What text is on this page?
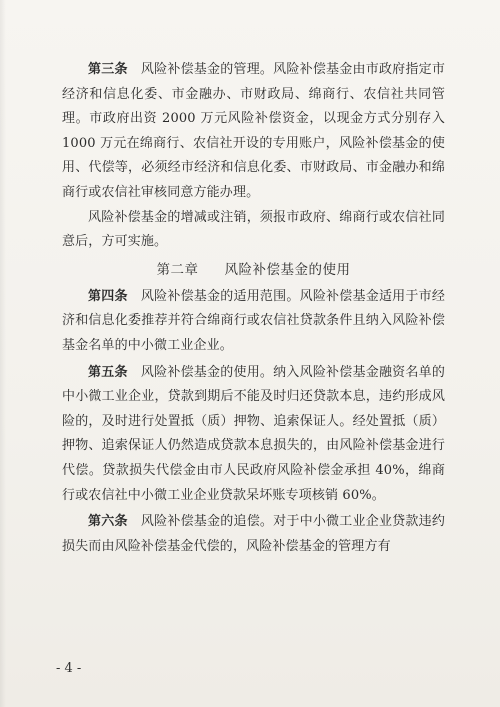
第三条　风险补偿基金的管理。风险补偿基金由市政府指定市经济和信息化委、市金融办、市财政局、绵商行、农信社共同管理。市政府出资 2000 万元风险补偿资金，以现金方式分别存入 1000 万元在绵商行、农信社开设的专用账户，风险补偿基金的使用、代偿等，必须经市经济和信息化委、市财政局、市金融办和绵商行或农信社审核同意方能办理。

风险补偿基金的增减或注销，须报市政府、绵商行或农信社同意后，方可实施。

第二章 风险补偿基金的使用

第四条　风险补偿基金的适用范围。风险补偿基金适用于市经济和信息化委推荐并符合绵商行或农信社贷款条件且纳入风险补偿基金名单的中小微工业企业。

第五条　风险补偿基金的使用。纳入风险补偿基金融资名单的中小微工业企业，贷款到期后不能及时归还贷款本息，违约形成风险的，及时进行处置抵（质）押物、追索保证人。经处置抵（质）押物、追索保证人仍然造成贷款本息损失的，由风险补偿基金进行代偿。贷款损失代偿金由市人民政府风险补偿金承担 40%，绵商行或农信社中小微工业企业贷款呆坏账专项核销 60%。

第六条　风险补偿基金的追偿。对于中小微工业企业贷款违约损失而由风险补偿基金代偿的，风险补偿基金的管理方有

- 4 -
